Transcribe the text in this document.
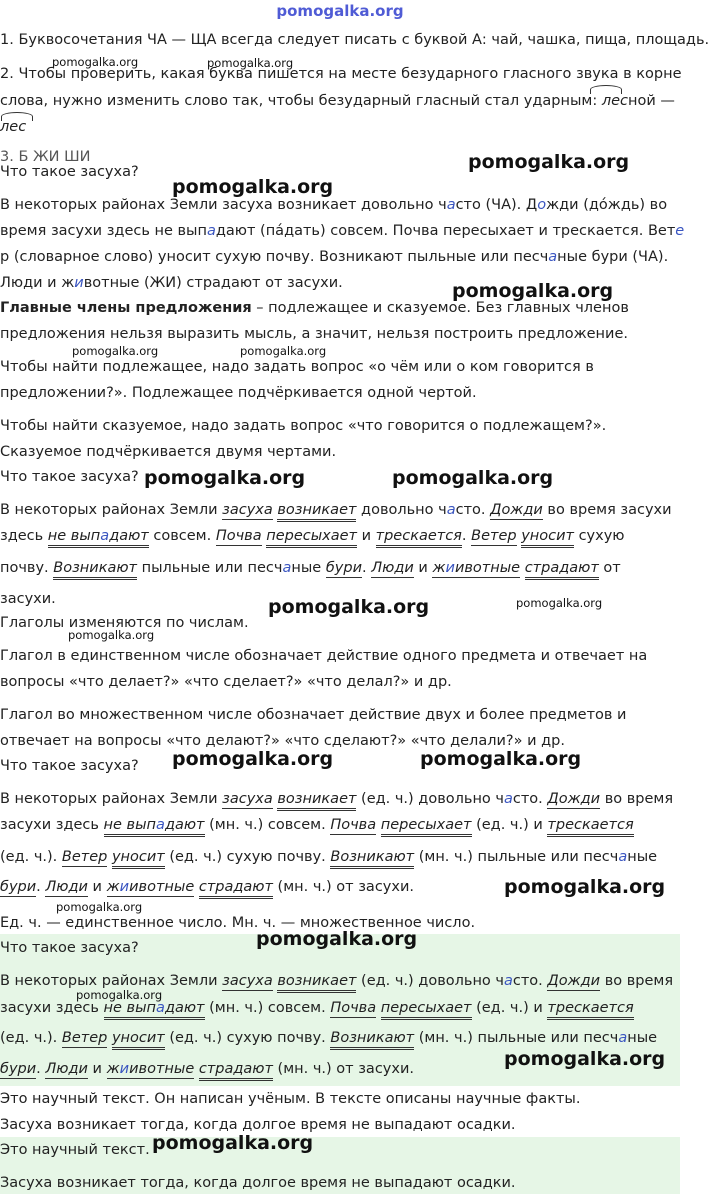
pomogalka.org
1. Буквосочетания ЧА — ЩА всегда следует писать с буквой А: чай, чашка, пища, площадь.
2. Чтобы проверить, какая буква пишется на месте безударного гласного звука в корне
слова, нужно изменить слово так, чтобы безударный гласный стал ударным: лесной —
лес
3. Б ЖИ ШИ
Что такое засуха?
В некоторых районах Земли засуха возникает довольно часто (ЧА). Дожди (до́ждь) во
время засухи здесь не выпадают (пáдать) совсем. Почва пересыхает и трескается. Вете
р (словарное слово) уносит сухую почву. Возникают пыльные или песчаные бури (ЧА).
Люди и животные (ЖИ) страдают от засухи.
Главные члены предложения – подлежащее и сказуемое. Без главных членов
предложения нельзя выразить мысль, а значит, нельзя построить предложение.
Чтобы найти подлежащее, надо задать вопрос «о чём или о ком говорится в
предложении?». Подлежащее подчёркивается одной чертой.
Чтобы найти сказуемое, надо задать вопрос «что говорится о подлежащем?».
Сказуемое подчёркивается двумя чертами.
Что такое засуха?
В некоторых районах Земли засуха возникает довольно часто. Дожди во время засухи
здесь не выпадают совсем. Почва пересыхает и трескается. Ветер уносит сухую
почву. Возникают пыльные или песчаные бури. Люди и жиивотные страдают от
засухи.
Глаголы изменяются по числам.
Глагол в единственном числе обозначает действие одного предмета и отвечает на
вопросы «что делает?» «что сделает?» «что делал?» и др.
Глагол во множественном числе обозначает действие двух и более предметов и
отвечает на вопросы «что делают?» «что сделают?» «что делали?» и др.
Что такое засуха?
В некоторых районах Земли засуха возникает (ед. ч.) довольно часто. Дожди во время
засухи здесь не выпадают (мн. ч.) совсем. Почва пересыхает (ед. ч.) и трескается
(ед. ч.). Ветер уносит (ед. ч.) сухую почву. Возникают (мн. ч.) пыльные или песчаные
бури. Люди и жиивотные страдают (мн. ч.) от засухи.
Ед. ч. — единственное число. Мн. ч. — множественное число.
Что такое засуха?
В некоторых районах Земли засуха возникает (ед. ч.) довольно часто. Дожди во время
засухи здесь не выпадают (мн. ч.) совсем. Почва пересыхает (ед. ч.) и трескается
(ед. ч.). Ветер уносит (ед. ч.) сухую почву. Возникают (мн. ч.) пыльные или песчаные
бури. Люди и жиивотные страдают (мн. ч.) от засухи.
Это научный текст. Он написан учёным. В тексте описаны научные факты.
Засуха возникает тогда, когда долгое время не выпадают осадки.
Это научный текст.
Засуха возникает тогда, когда долгое время не выпадают осадки.
pomogalka.org	pomogalka.org
pomogalka.org
pomogalka.org
pomogalka.org
pomogalka.org	pomogalka.org
pomogalka.org	pomogalka.org
pomogalka.org	pomogalka.org
pomogalka.org
pomogalka.org	pomogalka.org
pomogalka.org
pomogalka.org
pomogalka.org
pomogalka.org
pomogalka.org
pomogalka.org
